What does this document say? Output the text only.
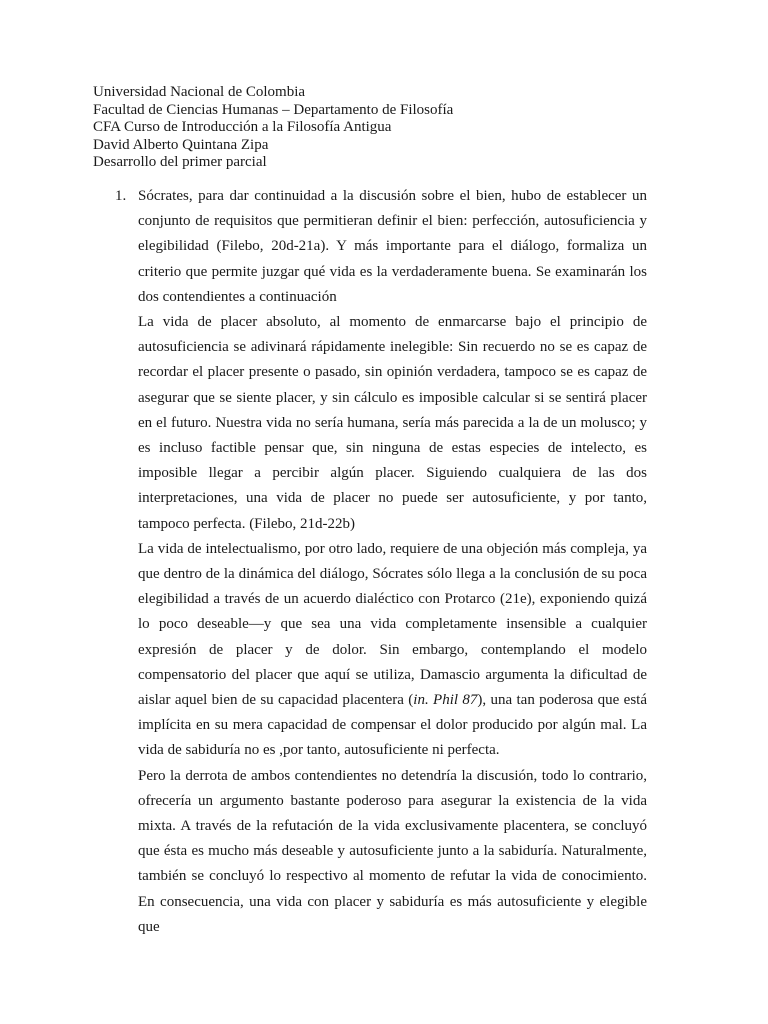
Universidad Nacional de Colombia
Facultad de Ciencias Humanas – Departamento de Filosofía
CFA Curso de Introducción a la Filosofía Antigua
David Alberto Quintana Zipa
Desarrollo del primer parcial
1. Sócrates, para dar continuidad a la discusión sobre el bien, hubo de establecer un conjunto de requisitos que permitieran definir el bien: perfección, autosuficiencia y elegibilidad (Filebo, 20d-21a). Y más importante para el diálogo, formaliza un criterio que permite juzgar qué vida es la verdaderamente buena. Se examinarán los dos contendientes a continuación

La vida de placer absoluto, al momento de enmarcarse bajo el principio de autosuficiencia se adivinará rápidamente inelegible: Sin recuerdo no se es capaz de recordar el placer presente o pasado, sin opinión verdadera, tampoco se es capaz de asegurar que se siente placer, y sin cálculo es imposible calcular si se sentirá placer en el futuro. Nuestra vida no sería humana, sería más parecida a la de un molusco; y es incluso factible pensar que, sin ninguna de estas especies de intelecto, es imposible llegar a percibir algún placer. Siguiendo cualquiera de las dos interpretaciones, una vida de placer no puede ser autosuficiente, y por tanto, tampoco perfecta. (Filebo, 21d-22b)

La vida de intelectualismo, por otro lado, requiere de una objeción más compleja, ya que dentro de la dinámica del diálogo, Sócrates sólo llega a la conclusión de su poca elegibilidad a través de un acuerdo dialéctico con Protarco (21e), exponiendo quizá lo poco deseable—y que sea una vida completamente insensible a cualquier expresión de placer y de dolor. Sin embargo, contemplando el modelo compensatorio del placer que aquí se utiliza, Damascio argumenta la dificultad de aislar aquel bien de su capacidad placentera (in. Phil 87), una tan poderosa que está implícita en su mera capacidad de compensar el dolor producido por algún mal. La vida de sabiduría no es ,por tanto, autosuficiente ni perfecta.

Pero la derrota de ambos contendientes no detendría la discusión, todo lo contrario, ofrecería un argumento bastante poderoso para asegurar la existencia de la vida mixta. A través de la refutación de la vida exclusivamente placentera, se concluyó que ésta es mucho más deseable y autosuficiente junto a la sabiduría. Naturalmente, también se concluyó lo respectivo al momento de refutar la vida de conocimiento. En consecuencia, una vida con placer y sabiduría es más autosuficiente y elegible que
